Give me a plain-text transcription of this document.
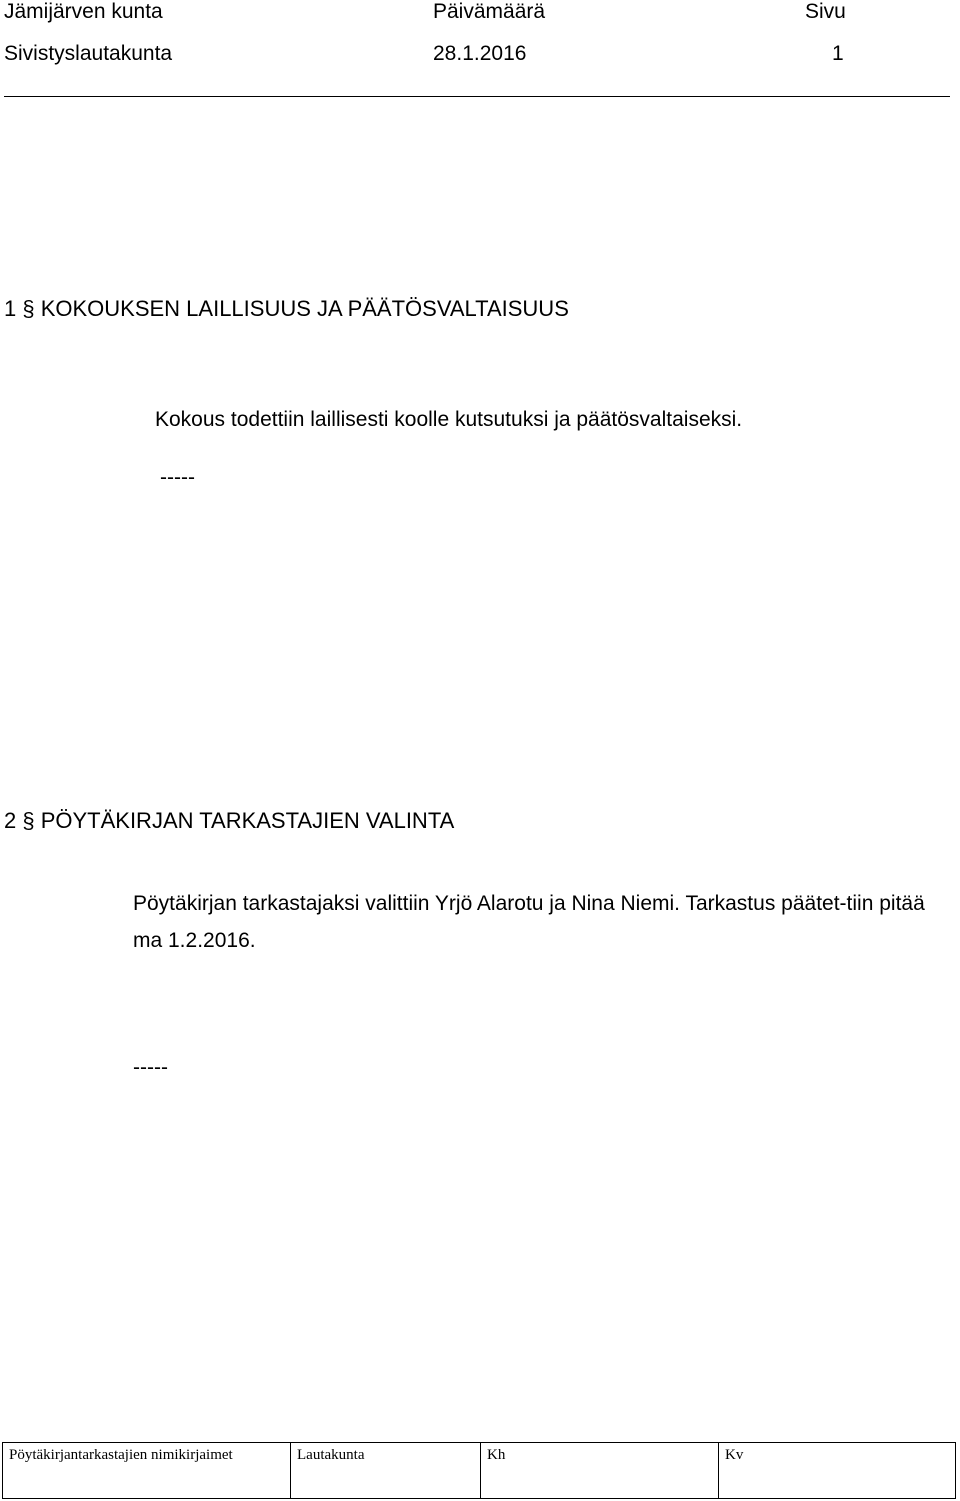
Jämijärven kunta
Sivistyslautakunta
Päivämäärä
28.1.2016
Sivu
1
1 § KOKOUKSEN LAILLISUUS JA PÄÄTÖSVALTAISUUS
Kokous todettiin laillisesti koolle kutsutuksi ja päätösvaltaiseksi.
-----
2 § PÖYTÄKIRJAN TARKASTAJIEN VALINTA
Pöytäkirjan tarkastajaksi valittiin Yrjö Alarotu ja Nina Niemi. Tarkastus päätet-tiin pitää ma 1.2.2016.
-----
Pöytäkirjantarkastajien nimikirjaimet	Lautakunta	Kh	Kv
